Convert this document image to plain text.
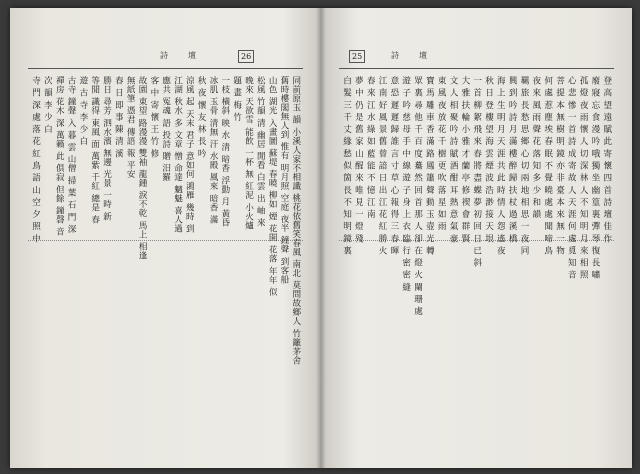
26
詩　壇
同前原玉 韻 小溪人家不相識 桃花依舊笑春風 南北 莫問故鄉人 竹籬茅舍
舊時樓閣無人到 惟有 明月照 空庭 夜半 鐘聲 到客船
山色 湖光 入畫圖 蘇堤 春曉 柳如 煙 花開 花落 年年 似
松風 竹韻 清 幽居 閒看 白雲 出 岫 來
晚來 天欲雪 能飲 一杯 無 紅泥 小火爐
題 畫 梅 竹
一枝 橫斜 映 水 清 暗香 浮動 月 黃昏
冰肌 玉骨 清無 汗 水殿 風來 暗香 滿
秋 夜 懷 友 林 長 吟
涼風 起 天末 君子 意如何 鴻雁 幾時 到
江湖 秋水 多 文章 憎 命達 魑魅 喜人過
應共 冤魂 語 投詩 贈 汨羅
客 中 寄 懷 王 竹 修
故園 東望 路漫漫 雙袖 龍鍾 淚不乾 馬上 相逢
無紙筆 憑君 傳語 報 平安
春 日 即 事 陳 清 溪
勝日 尋芳 泗水濱 無邊 光景 一時 新
等閒 識得 東風 面 萬紫 千紅 總是 春
遊 古 寺 李 少 白
古寺 鐘聲 入 暮 雲 山僧 掃 葉 石 門 深
禪房 花木 深 萬籟 此 俱寂 但餘 鐘磬 音
次 韻 李 少 白
寺 門 深 處 落 花 紅 鳥 語 山 空 夕 照 中
25	詩　壇
登 高 望 遠 賦 此 寄 懷 四 首 詩 壇 佳 作
廢 寢 忘 食 漫 吟 哦 獨 坐 幽 篁 裏 彈 琴 復 長 嘯
孤 燈 夜 雨 懷 人 切 深 林 人 不 知 明 月 來 相 照
心 悲 慘 一 首 詩 成 寄 故 人 天 涯 何 處 覓 知 音
菩 提 本 無 樹 明 鏡 亦 非 臺 本 來 無 一 物
何 處 惹 塵 埃 春 眠 不 覺 曉 處 處 聞 啼 鳥
夜 來 風 雨 聲 花 落 知 多 少 和 韻
羈 旅 長 愁 思 鄉 心 切 兩 地 相 思 一 夜 同
興 到 吟 詩 月 滿 樓 醉 歸 扶 杖 過 溪 橋
海 上 生 明 月 天 涯 共 此 時 情 人 怨 遙 夜
秋 日 登 樓 望 海 雲 煙 波 浩 渺 接 天 垠
一 首 柳 絮 飛 來 春 將 盡 蝶 夢 初 回 日 已 斜
大 雅 扶 輪 小 雅 才 蘭 亭 修 禊 會 群 賢
文 人 相 聚 吟 詩 賦 酒 酣 耳 熱 意 氣 豪
東 風 夜 放 花 千 樹 更 吹 落 星 如 雨
寶 馬 雕 車 香 滿 路 鳳 簫 聲 動 玉 壺 光 轉
眾 裏 尋 他 千 百 度 驀 然 回 首 那 人 卻 在 燈 火 闌 珊 處
遊 子 吟 慈 母 手 中 線 遊 子 身 上 衣 臨 行 密 密 縫
意 恐 遲 遲 歸 誰 言 寸 草 心 報 得 三 春 暉
江 南 好 風 景 舊 曾 諳 日 出 江 花 紅 勝 火
春 來 江 水 綠 如 藍 能 不 憶 江 南
夢 中 仍 是 舊 家 山 醒 來 唯 見 一 燈 殘
白 髮 三 千 丈 緣 愁 似 箇 長 不 知 明 鏡 裏
